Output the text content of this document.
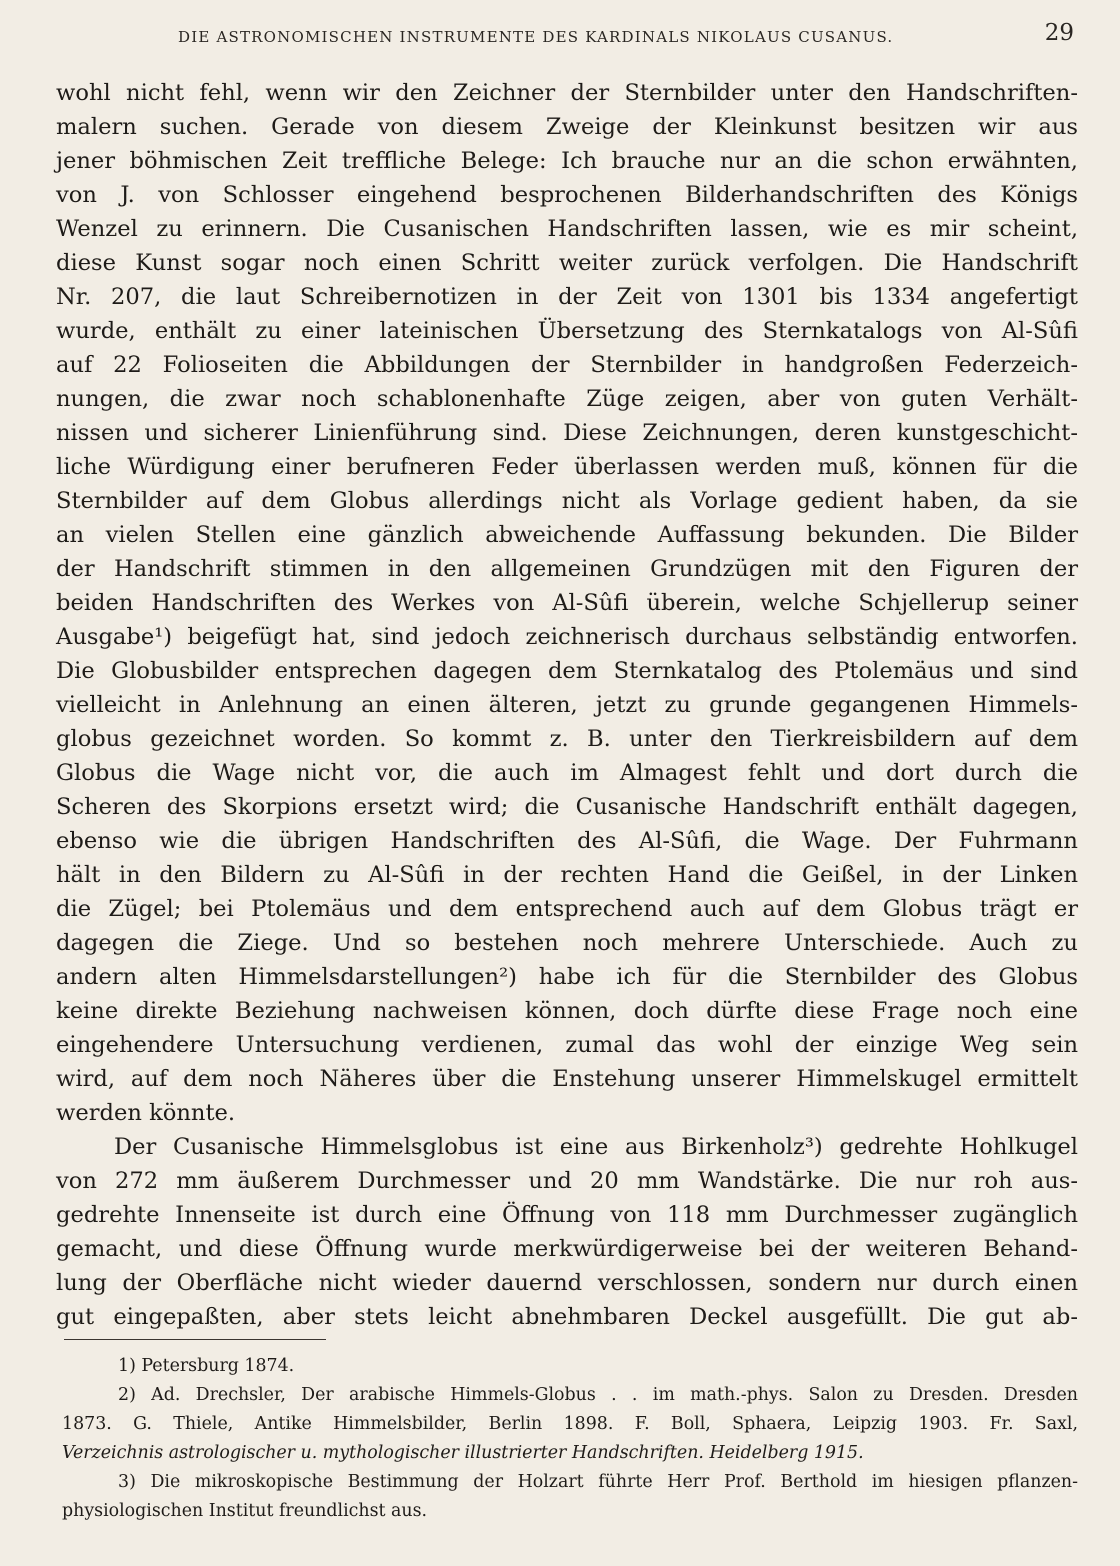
DIE ASTRONOMISCHEN INSTRUMENTE DES KARDINALS NIKOLAUS CUSANUS.	29
wohl nicht fehl, wenn wir den Zeichner der Sternbilder unter den Handschriften-
malern suchen. Gerade von diesem Zweige der Kleinkunst besitzen wir aus
jener böhmischen Zeit treffliche Belege: Ich brauche nur an die schon erwähnten,
von J. von Schlosser eingehend besprochenen Bilderhandschriften des Königs
Wenzel zu erinnern. Die Cusanischen Handschriften lassen, wie es mir scheint,
diese Kunst sogar noch einen Schritt weiter zurück verfolgen. Die Handschrift
Nr. 207, die laut Schreibernotizen in der Zeit von 1301 bis 1334 angefertigt
wurde, enthält zu einer lateinischen Übersetzung des Sternkatalogs von Al-Sûfi
auf 22 Folioseiten die Abbildungen der Sternbilder in handgroßen Federzeich-
nungen, die zwar noch schablonenhafte Züge zeigen, aber von guten Verhält-
nissen und sicherer Linienführung sind. Diese Zeichnungen, deren kunstgeschicht-
liche Würdigung einer berufneren Feder überlassen werden muß, können für die
Sternbilder auf dem Globus allerdings nicht als Vorlage gedient haben, da sie
an vielen Stellen eine gänzlich abweichende Auffassung bekunden. Die Bilder
der Handschrift stimmen in den allgemeinen Grundzügen mit den Figuren der
beiden Handschriften des Werkes von Al-Sûfi überein, welche Schjellerup seiner
Ausgabe¹) beigefügt hat, sind jedoch zeichnerisch durchaus selbständig entworfen.
Die Globusbilder entsprechen dagegen dem Sternkatalog des Ptolemäus und sind
vielleicht in Anlehnung an einen älteren, jetzt zu grunde gegangenen Himmels-
globus gezeichnet worden. So kommt z. B. unter den Tierkreisbildern auf dem
Globus die Wage nicht vor, die auch im Almagest fehlt und dort durch die
Scheren des Skorpions ersetzt wird; die Cusanische Handschrift enthält dagegen,
ebenso wie die übrigen Handschriften des Al-Sûfi, die Wage. Der Fuhrmann
hält in den Bildern zu Al-Sûfi in der rechten Hand die Geißel, in der Linken
die Zügel; bei Ptolemäus und dem entsprechend auch auf dem Globus trägt er
dagegen die Ziege. Und so bestehen noch mehrere Unterschiede. Auch zu
andern alten Himmelsdarstellungen²) habe ich für die Sternbilder des Globus
keine direkte Beziehung nachweisen können, doch dürfte diese Frage noch eine
eingehendere Untersuchung verdienen, zumal das wohl der einzige Weg sein
wird, auf dem noch Näheres über die Enstehung unserer Himmelskugel ermittelt
werden könnte.
Der Cusanische Himmelsglobus ist eine aus Birkenholz³) gedrehte Hohlkugel
von 272 mm äußerem Durchmesser und 20 mm Wandstärke. Die nur roh aus-
gedrehte Innenseite ist durch eine Öffnung von 118 mm Durchmesser zugänglich
gemacht, und diese Öffnung wurde merkwürdigerweise bei der weiteren Behand-
lung der Oberfläche nicht wieder dauernd verschlossen, sondern nur durch einen
gut eingepaßten, aber stets leicht abnehmbaren Deckel ausgefüllt. Die gut ab-
1) Petersburg 1874.
2) Ad. Drechsler, Der arabische Himmels-Globus . . im math.-phys. Salon zu Dresden. Dresden
1873. G. Thiele, Antike Himmelsbilder, Berlin 1898. F. Boll, Sphaera, Leipzig 1903. Fr. Saxl,
Verzeichnis astrologischer u. mythologischer illustrierter Handschriften. Heidelberg 1915.
3) Die mikroskopische Bestimmung der Holzart führte Herr Prof. Berthold im hiesigen pflanzen-
physiologischen Institut freundlichst aus.
